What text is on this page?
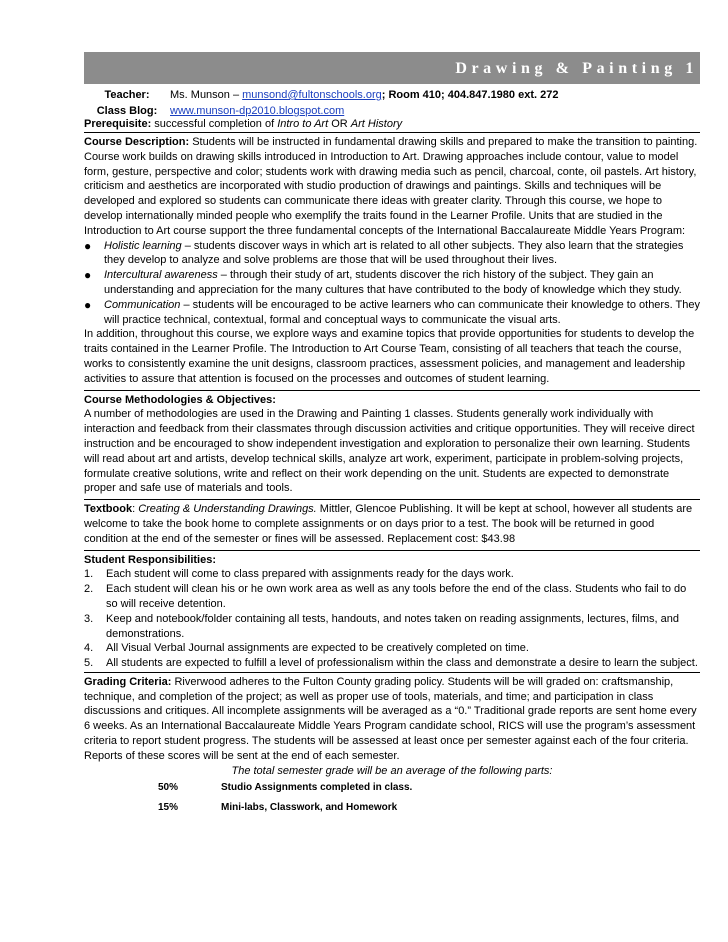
Drawing & Painting 1
Teacher:	Ms. Munson – munsond@fultonschools.org; Room 410; 404.847.1980 ext. 272
Class Blog:	www.munson-dp2010.blogspot.com
Prerequisite: successful completion of Intro to Art OR Art History
Course Description: Students will be instructed in fundamental drawing skills and prepared to make the transition to painting. Course work builds on drawing skills introduced in Introduction to Art. Drawing approaches include contour, value to model form, gesture, perspective and color; students work with drawing media such as pencil, charcoal, conte, oil pastels. Art history, criticism and aesthetics are incorporated with studio production of drawings and paintings. Skills and techniques will be developed and explored so students can communicate there ideas with greater clarity. Through this course, we hope to develop internationally minded people who exemplify the traits found in the Learner Profile. Units that are studied in the Introduction to Art course support the three fundamental concepts of the International Baccalaureate Middle Years Program:
● Holistic learning – students discover ways in which art is related to all other subjects. They also learn that the strategies they develop to analyze and solve problems are those that will be used throughout their lives.
● Intercultural awareness – through their study of art, students discover the rich history of the subject. They gain an understanding and appreciation for the many cultures that have contributed to the body of knowledge which they study.
● Communication – students will be encouraged to be active learners who can communicate their knowledge to others. They will practice technical, contextual, formal and conceptual ways to communicate the visual arts.
In addition, throughout this course, we explore ways and examine topics that provide opportunities for students to develop the traits contained in the Learner Profile. The Introduction to Art Course Team, consisting of all teachers that teach the course, works to consistently examine the unit designs, classroom practices, assessment policies, and management and leadership activities to assure that attention is focused on the processes and outcomes of student learning.
Course Methodologies & Objectives:
A number of methodologies are used in the Drawing and Painting 1 classes. Students generally work individually with interaction and feedback from their classmates through discussion activities and critique opportunities. They will receive direct instruction and be encouraged to show independent investigation and exploration to personalize their own learning. Students will read about art and artists, develop technical skills, analyze art work, experiment, participate in problem-solving projects, formulate creative solutions, write and reflect on their work depending on the unit. Students are expected to demonstrate proper and safe use of materials and tools.
Textbook: Creating & Understanding Drawings. Mittler, Glencoe Publishing. It will be kept at school, however all students are welcome to take the book home to complete assignments or on days prior to a test. The book will be returned in good condition at the end of the semester or fines will be assessed. Replacement cost: $43.98
Student Responsibilities:
1. Each student will come to class prepared with assignments ready for the days work.
2. Each student will clean his or he own work area as well as any tools before the end of the class. Students who fail to do so will receive detention.
3. Keep and notebook/folder containing all tests, handouts, and notes taken on reading assignments, lectures, films, and demonstrations.
4. All Visual Verbal Journal assignments are expected to be creatively completed on time.
5. All students are expected to fulfill a level of professionalism within the class and demonstrate a desire to learn the subject.
Grading Criteria: Riverwood adheres to the Fulton County grading policy. Students will be will graded on: craftsmanship, technique, and completion of the project; as well as proper use of tools, materials, and time; and participation in class discussions and critiques. All incomplete assignments will be averaged as a “0.” Traditional grade reports are sent home every 6 weeks. As an International Baccalaureate Middle Years Program candidate school, RICS will use the program’s assessment criteria to report student progress. The students will be assessed at least once per semester against each of the four criteria. Reports of these scores will be sent at the end of each semester.
The total semester grade will be an average of the following parts:
50%	Studio Assignments completed in class.
15%	Mini-labs, Classwork, and Homework
